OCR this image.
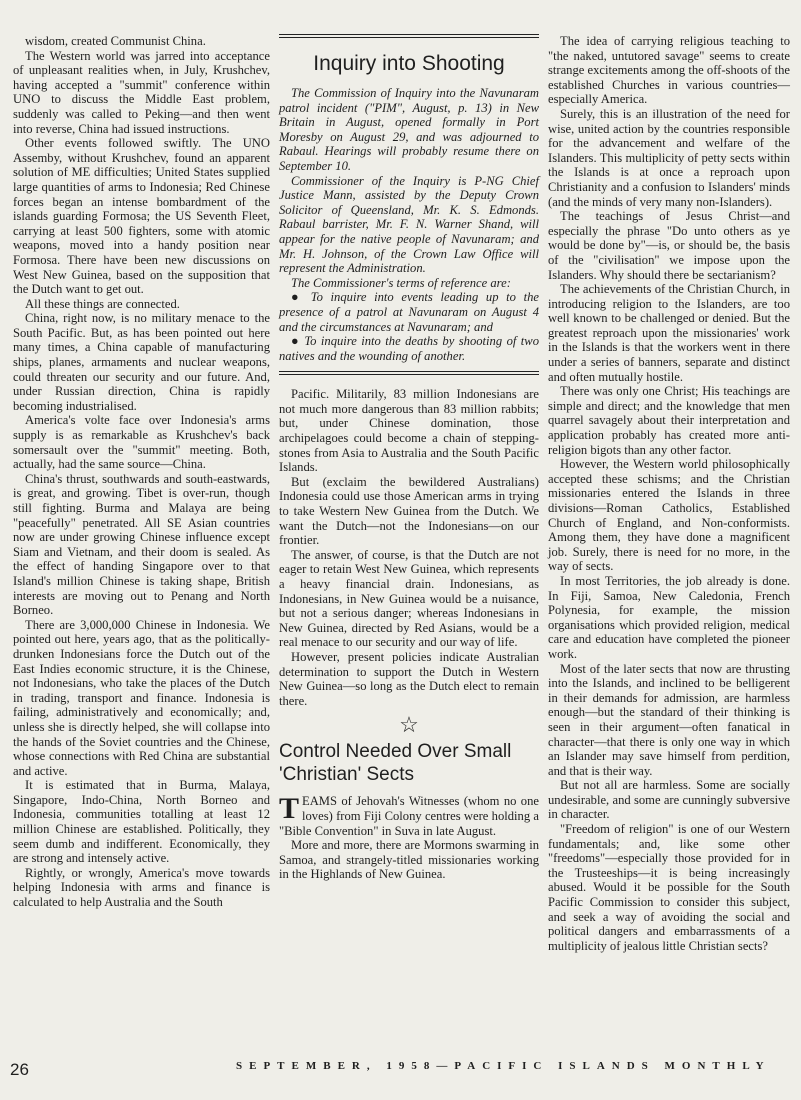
wisdom, created Communist China.

The Western world was jarred into acceptance of unpleasant realities when, in July, Krushchev, having accepted a "summit" conference within UNO to discuss the Middle East problem, suddenly was called to Peking—and then went into reverse, China had issued instructions.

Other events followed swiftly. The UNO Assemby, without Krushchev, found an apparent solution of ME difficulties; United States supplied large quantities of arms to Indonesia; Red Chinese forces began an intense bombardment of the islands guarding Formosa; the US Seventh Fleet, carrying at least 500 fighters, some with atomic weapons, moved into a handy position near Formosa. There have been new discussions on West New Guinea, based on the supposition that the Dutch want to get out.

All these things are connected.

China, right now, is no military menace to the South Pacific. But, as has been pointed out here many times, a China capable of manufacturing ships, planes, armaments and nuclear weapons, could threaten our security and our future. And, under Russian direction, China is rapidly becoming industrialised.

America's volte face over Indonesia's arms supply is as remarkable as Krushchev's back somersault over the "summit" meeting. Both, actually, had the same source—China.

China's thrust, southwards and south-eastwards, is great, and growing. Tibet is over-run, though still fighting. Burma and Malaya are being "peacefully" penetrated. All SE Asian countries now are under growing Chinese influence except Siam and Vietnam, and their doom is sealed. As the effect of handing Singapore over to that Island's million Chinese is taking shape, British interests are moving out to Penang and North Borneo.

There are 3,000,000 Chinese in Indonesia. We pointed out here, years ago, that as the politically-drunken Indonesians force the Dutch out of the East Indies economic structure, it is the Chinese, not Indonesians, who take the places of the Dutch in trading, transport and finance. Indonesia is failing, administratively and economically; and, unless she is directly helped, she will collapse into the hands of the Soviet countries and the Chinese, whose connections with Red China are substantial and active.

It is estimated that in Burma, Malaya, Singapore, Indo-China, North Borneo and Indonesia, communities totalling at least 12 million Chinese are established. Politically, they seem dumb and indifferent. Economically, they are strong and intensely active.

Rightly, or wrongly, America's move towards helping Indonesia with arms and finance is calculated to help Australia and the South

Inquiry into Shooting

The Commission of Inquiry into the Navunaram patrol incident ("PIM", August, p. 13) in New Britain in August, opened formally in Port Moresby on August 29, and was adjourned to Rabaul. Hearings will probably resume there on September 10.

Commissioner of the Inquiry is P-NG Chief Justice Mann, assisted by the Deputy Crown Solicitor of Queensland, Mr. K. S. Edmonds. Rabaul barrister, Mr. F. N. Warner Shand, will appear for the native people of Navunaram; and Mr. H. Johnson, of the Crown Law Office will represent the Administration.

The Commissioner's terms of reference are:

● To inquire into events leading up to the presence of a patrol at Navunaram on August 4 and the circumstances at Navunaram; and

● To inquire into the deaths by shooting of two natives and the wounding of another.

Pacific. Militarily, 83 million Indonesians are not much more dangerous than 83 million rabbits; but, under Chinese domination, those archipelagoes could become a chain of stepping-stones from Asia to Australia and the South Pacific Islands.

But (exclaim the bewildered Australians) Indonesia could use those American arms in trying to take Western New Guinea from the Dutch. We want the Dutch—not the Indonesians—on our frontier.

The answer, of course, is that the Dutch are not eager to retain West New Guinea, which represents a heavy financial drain. Indonesians, as Indonesians, in New Guinea would be a nuisance, but not a serious danger; whereas Indonesians in New Guinea, directed by Red Asians, would be a real menace to our security and our way of life.

However, present policies indicate Australian determination to support the Dutch in Western New Guinea—so long as the Dutch elect to remain there.

☆
Control Needed Over Small 'Christian' Sects

TEAMS of Jehovah's Witnesses (whom no one loves) from Fiji Colony centres were holding a "Bible Convention" in Suva in late August.

More and more, there are Mormons swarming in Samoa, and strangely-titled missionaries working in the Highlands of New Guinea.

The idea of carrying religious teaching to "the naked, untutored savage" seems to create strange excitements among the off-shoots of the established Churches in various countries—especially America.

Surely, this is an illustration of the need for wise, united action by the countries responsible for the advancement and welfare of the Islanders. This multiplicity of petty sects within the Islands is at once a reproach upon Christianity and a confusion to Islanders' minds (and the minds of very many non-Islanders).

The teachings of Jesus Christ—and especially the phrase "Do unto others as ye would be done by"—is, or should be, the basis of the "civilisation" we impose upon the Islanders. Why should there be sectarianism?

The achievements of the Christian Church, in introducing religion to the Islanders, are too well known to be challenged or denied. But the greatest reproach upon the missionaries' work in the Islands is that the workers went in there under a series of banners, separate and distinct and often mutually hostile.

There was only one Christ; His teachings are simple and direct; and the knowledge that men quarrel savagely about their interpretation and application probably has created more anti-religion bigots than any other factor.

However, the Western world philosophically accepted these schisms; and the Christian missionaries entered the Islands in three divisions—Roman Catholics, Established Church of England, and Non-conformists. Among them, they have done a magnificent job. Surely, there is need for no more, in the way of sects.

In most Territories, the job already is done. In Fiji, Samoa, New Caledonia, French Polynesia, for example, the mission organisations which provided religion, medical care and education have completed the pioneer work.

Most of the later sects that now are thrusting into the Islands, and inclined to be belligerent in their demands for admission, are harmless enough—but the standard of their thinking is seen in their argument—often fanatical in character—that there is only one way in which an Islander may save himself from perdition, and that is their way.

But not all are harmless. Some are socially undesirable, and some are cunningly subversive in character.

"Freedom of religion" is one of our Western fundamentals; and, like some other "freedoms"—especially those provided for in the Trusteeships—it is being increasingly abused. Would it be possible for the South Pacific Commission to consider this subject, and seek a way of avoiding the social and political dangers and embarrassments of a multiplicity of jealous little Christian sects?

26	SEPTEMBER, 1958—PACIFIC ISLANDS MONTHLY
